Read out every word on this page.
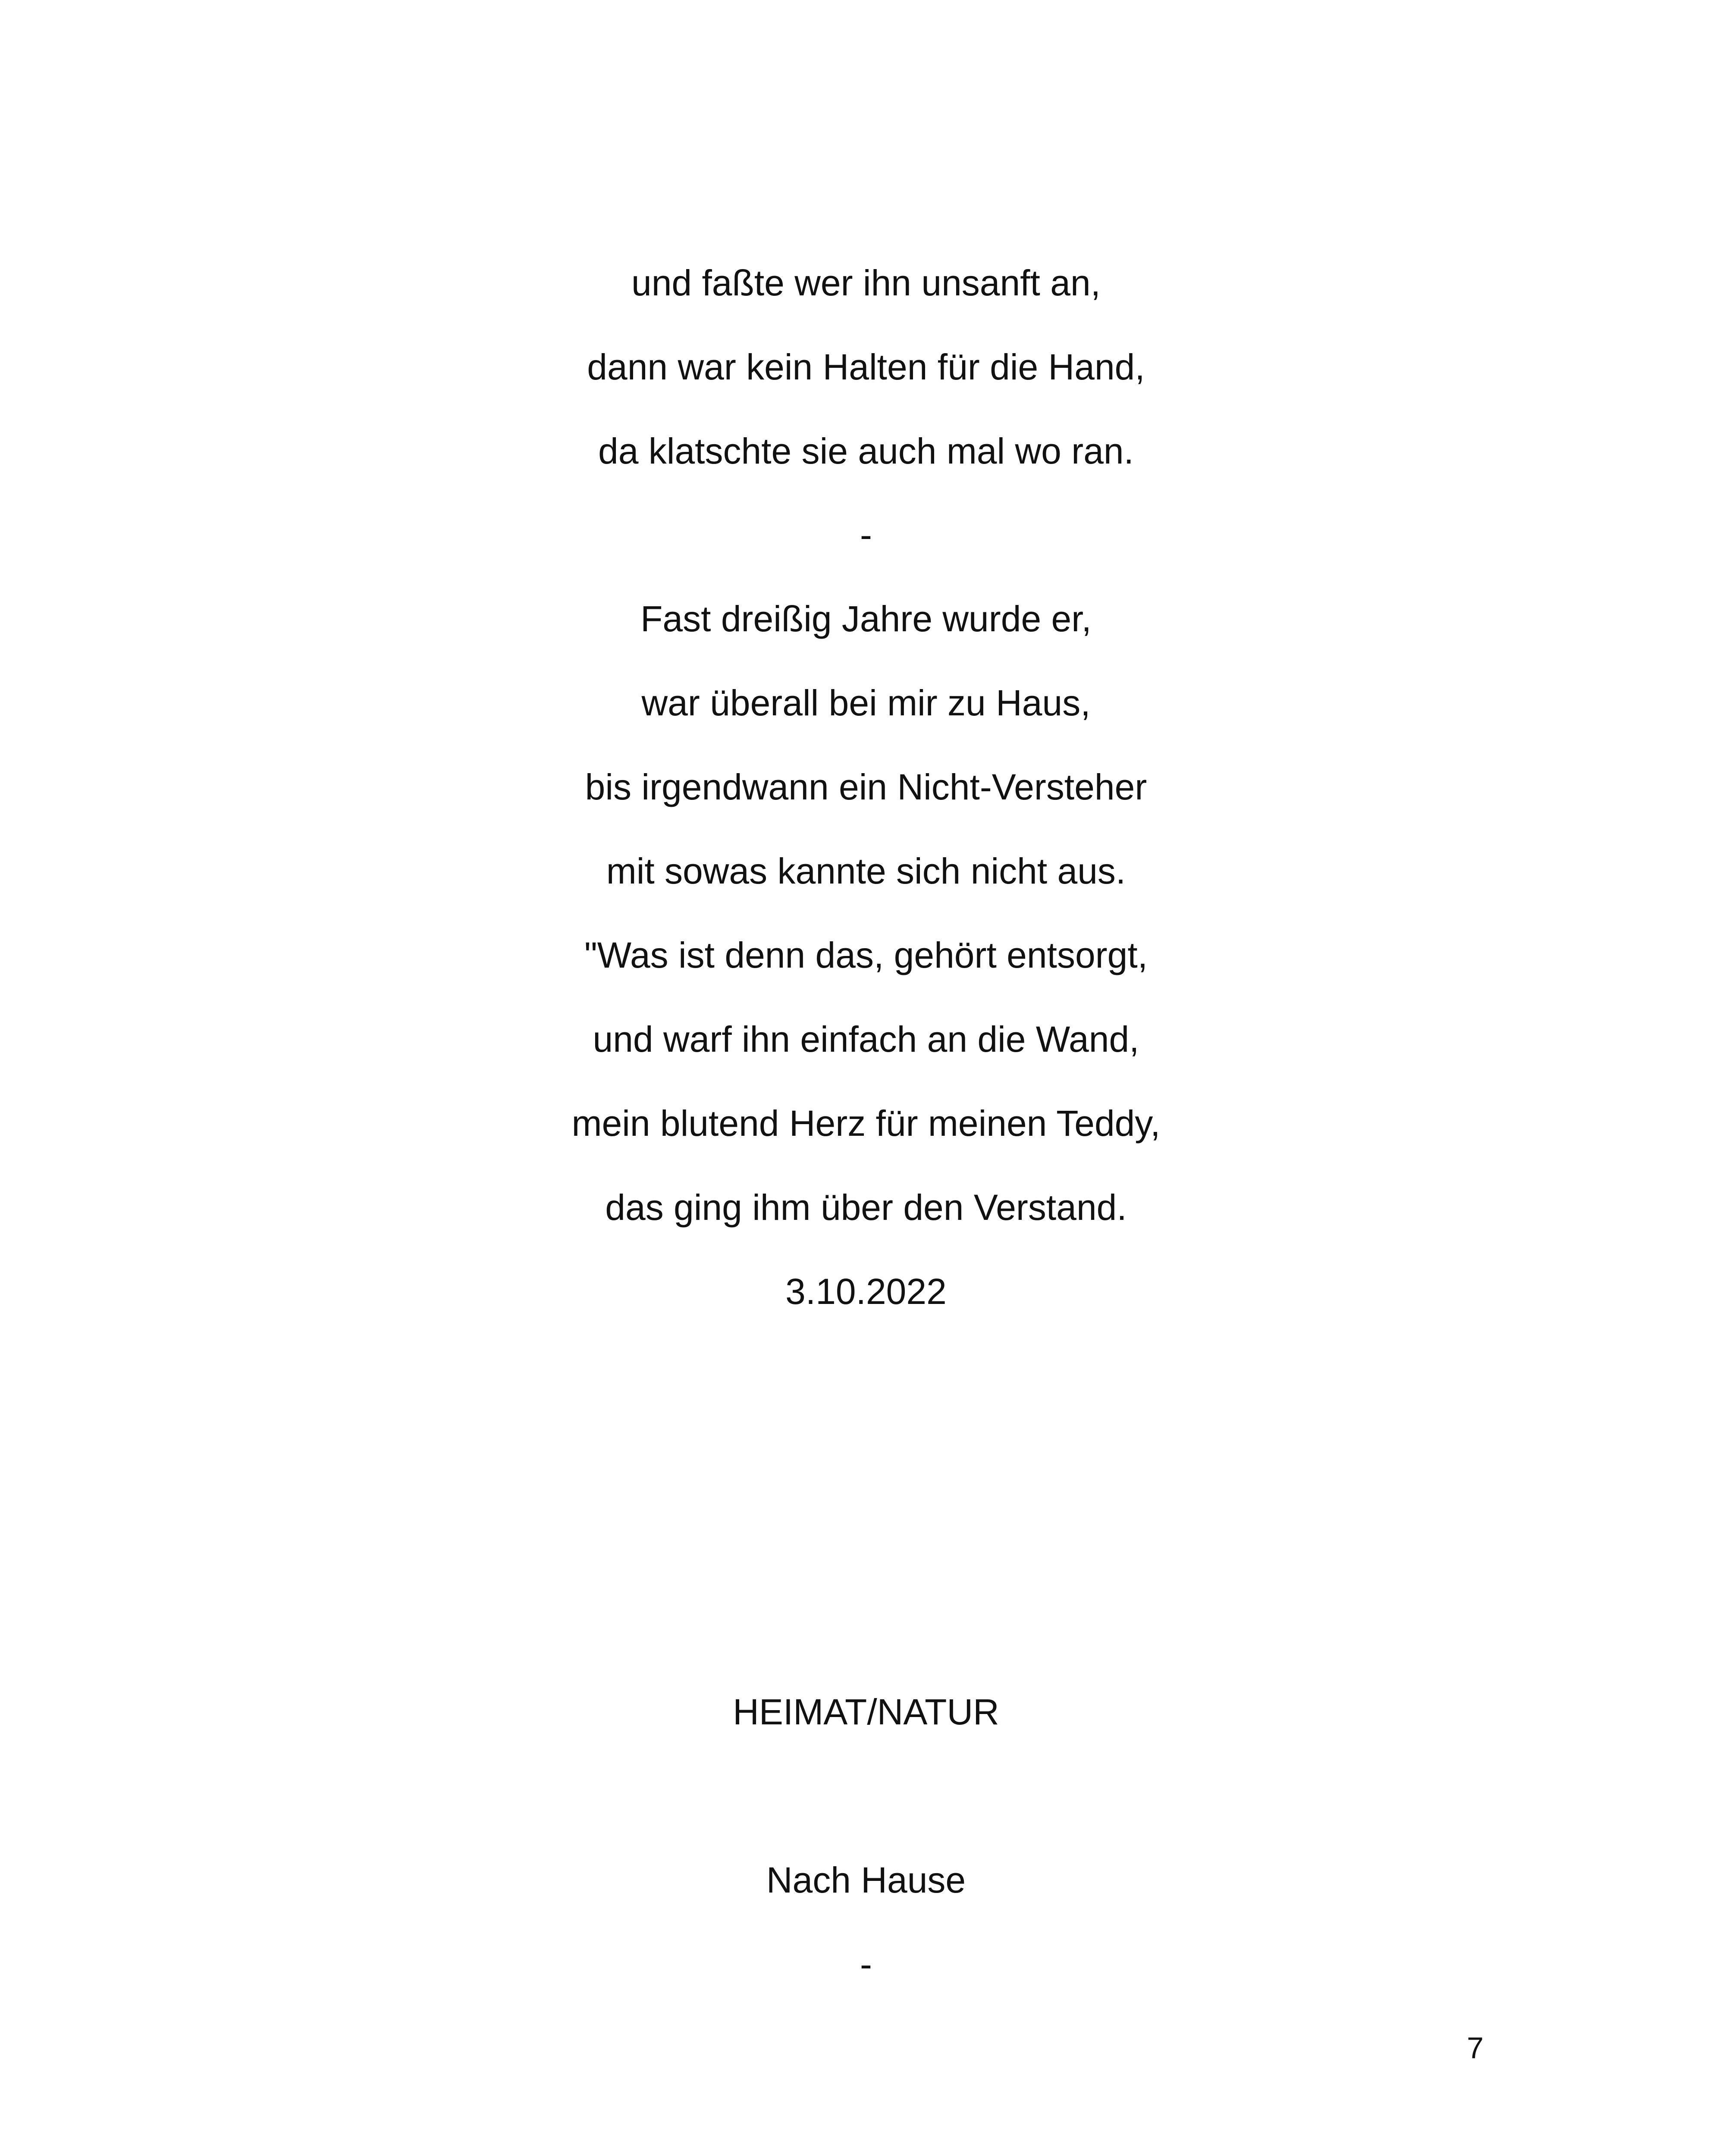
und faßte wer ihn unsanft an,
dann war kein Halten für die Hand,
da klatschte sie auch mal wo ran.
-
Fast dreißig Jahre wurde er,
war überall bei mir zu Haus,
bis irgendwann ein Nicht-Versteher
mit sowas kannte sich nicht aus.
"Was ist denn das, gehört entsorgt,
und warf ihn einfach an die Wand,
mein blutend Herz für meinen Teddy,
das ging ihm über den Verstand.
3.10.2022
HEIMAT/NATUR
Nach Hause
-
7
